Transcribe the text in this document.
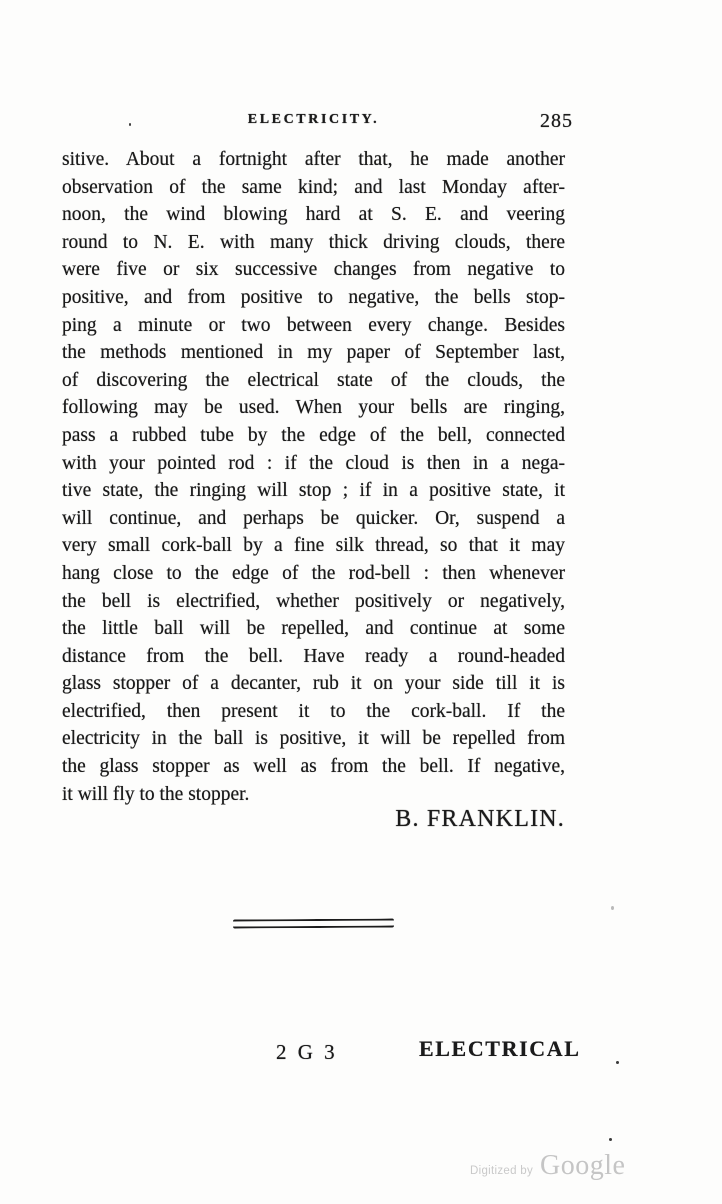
ELECTRICITY.	285
sitive. About a fortnight after that, he made another
observation of the same kind; and last Monday after-
noon, the wind blowing hard at S. E. and veering
round to N. E. with many thick driving clouds, there
were five or six successive changes from negative to
positive, and from positive to negative, the bells stop-
ping a minute or two between every change. Besides
the methods mentioned in my paper of September last,
of discovering the electrical state of the clouds, the
following may be used. When your bells are ringing,
pass a rubbed tube by the edge of the bell, connected
with your pointed rod : if the cloud is then in a nega-
tive state, the ringing will stop ; if in a positive state, it
will continue, and perhaps be quicker. Or, suspend a
very small cork-ball by a fine silk thread, so that it may
hang close to the edge of the rod-bell : then whenever
the bell is electrified, whether positively or negatively,
the little ball will be repelled, and continue at some
distance from the bell. Have ready a round-headed
glass stopper of a decanter, rub it on your side till it is
electrified, then present it to the cork-ball. If the
electricity in the ball is positive, it will be repelled from
the glass stopper as well as from the bell. If negative,
it will fly to the stopper.
B. FRANKLIN.
2 G 3	ELECTRICAL
Digitized by Google
